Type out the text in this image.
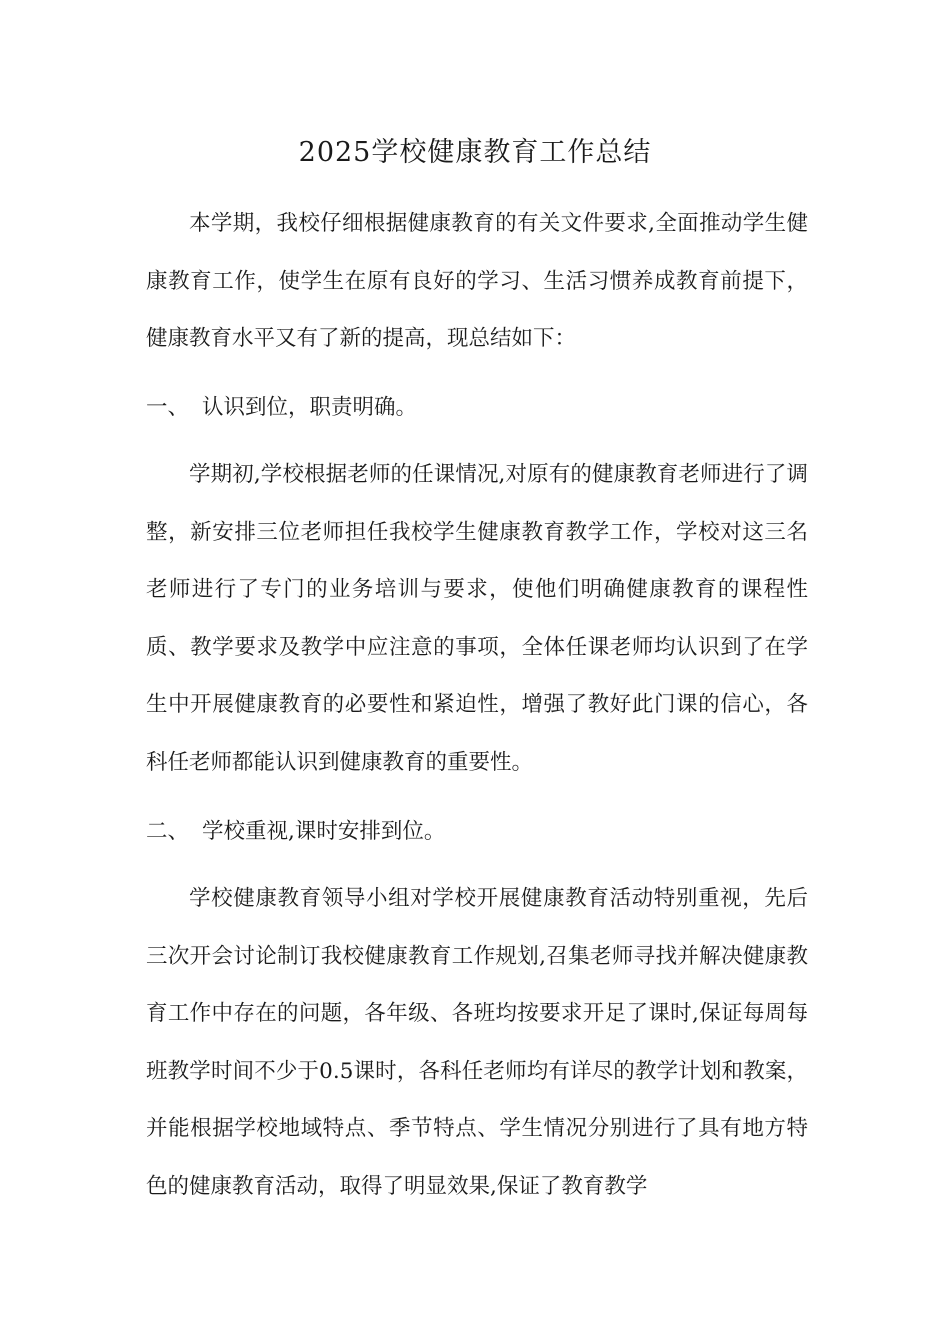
2025学校健康教育工作总结
本学期，我校仔细根据健康教育的有关文件要求,全面推动学生健康教育工作，使学生在原有良好的学习、生活习惯养成教育前提下，健康教育水平又有了新的提高，现总结如下：
一、 认识到位，职责明确。
学期初,学校根据老师的任课情况,对原有的健康教育老师进行了调整，新安排三位老师担任我校学生健康教育教学工作，学校对这三名老师进行了专门的业务培训与要求，使他们明确健康教育的课程性质、教学要求及教学中应注意的事项，全体任课老师均认识到了在学生中开展健康教育的必要性和紧迫性，增强了教好此门课的信心，各科任老师都能认识到健康教育的重要性。
二、 学校重视,课时安排到位。
学校健康教育领导小组对学校开展健康教育活动特别重视，先后三次开会讨论制订我校健康教育工作规划,召集老师寻找并解决健康教育工作中存在的问题，各年级、各班均按要求开足了课时,保证每周每班教学时间不少于0.5课时，各科任老师均有详尽的教学计划和教案，并能根据学校地域特点、季节特点、学生情况分别进行了具有地方特色的健康教育活动，取得了明显效果,保证了教育教学
